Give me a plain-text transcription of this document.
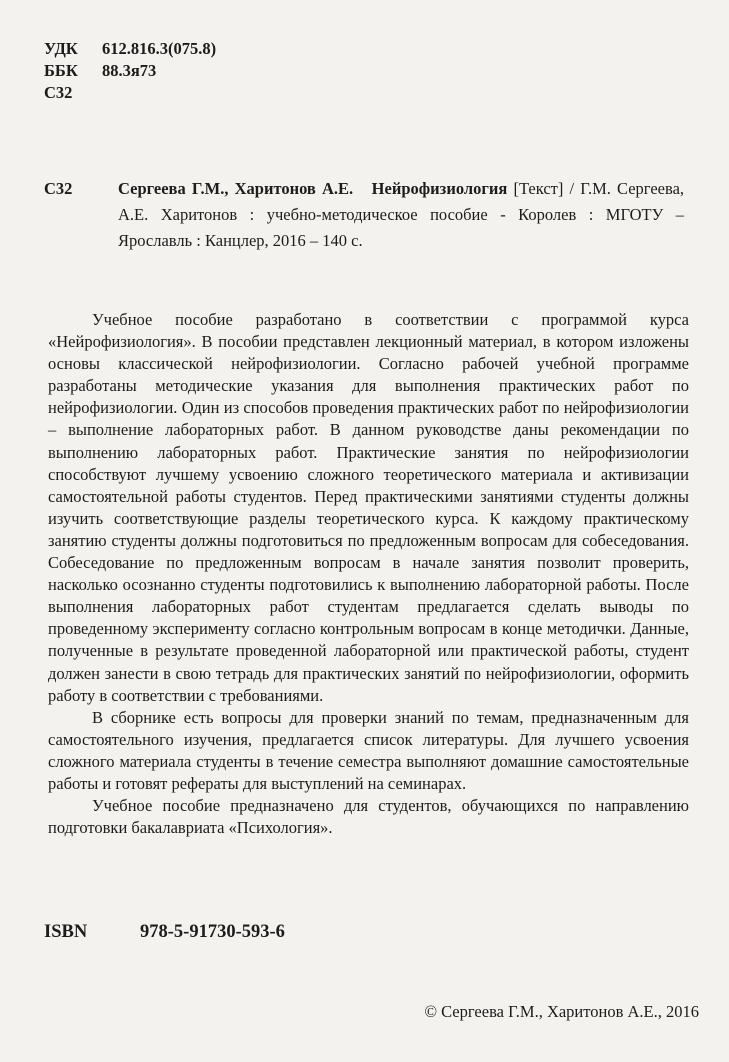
УДК 612.816.3(075.8)
ББК 88.3я73
С32
С32	Сергеева Г.М., Харитонов А.Е. Нейрофизиология [Текст] / Г.М. Сергеева, А.Е. Харитонов : учебно-методическое пособие - Королев : МГОТУ – Ярославль : Канцлер, 2016 – 140 с.

Учебное пособие разработано в соответствии с программой курса «Нейрофизиология». В пособии представлен лекционный материал, в котором изложены основы классической нейрофизиологии. Согласно рабочей учебной программе разработаны методические указания для выполнения практических работ по нейрофизиологии. Один из способов проведения практических работ по нейрофизиологии – выполнение лабораторных работ. В данном руководстве даны рекомендации по выполнению лабораторных работ. Практические занятия по нейрофизиологии способствуют лучшему усвоению сложного теоретического материала и активизации самостоятельной работы студентов. Перед практическими занятиями студенты должны изучить соответствующие разделы теоретического курса. К каждому практическому занятию студенты должны подготовиться по предложенным вопросам для собеседования. Собеседование по предложенным вопросам в начале занятия позволит проверить, насколько осознанно студенты подготовились к выполнению лабораторной работы. После выполнения лабораторных работ студентам предлагается сделать выводы по проведенному эксперименту согласно контрольным вопросам в конце методички. Данные, полученные в результате проведенной лабораторной или практической работы, студент должен занести в свою тетрадь для практических занятий по нейрофизиологии, оформить работу в соответствии с требованиями.

В сборнике есть вопросы для проверки знаний по темам, предназначенным для самостоятельного изучения, предлагается список литературы. Для лучшего усвоения сложного материала студенты в течение семестра выполняют домашние самостоятельные работы и готовят рефераты для выступлений на семинарах.

Учебное пособие предназначено для студентов, обучающихся по направлению подготовки бакалавриата «Психология».

ISBN	978-5-91730-593-6
© Сергеева Г.М., Харитонов А.Е., 2016
